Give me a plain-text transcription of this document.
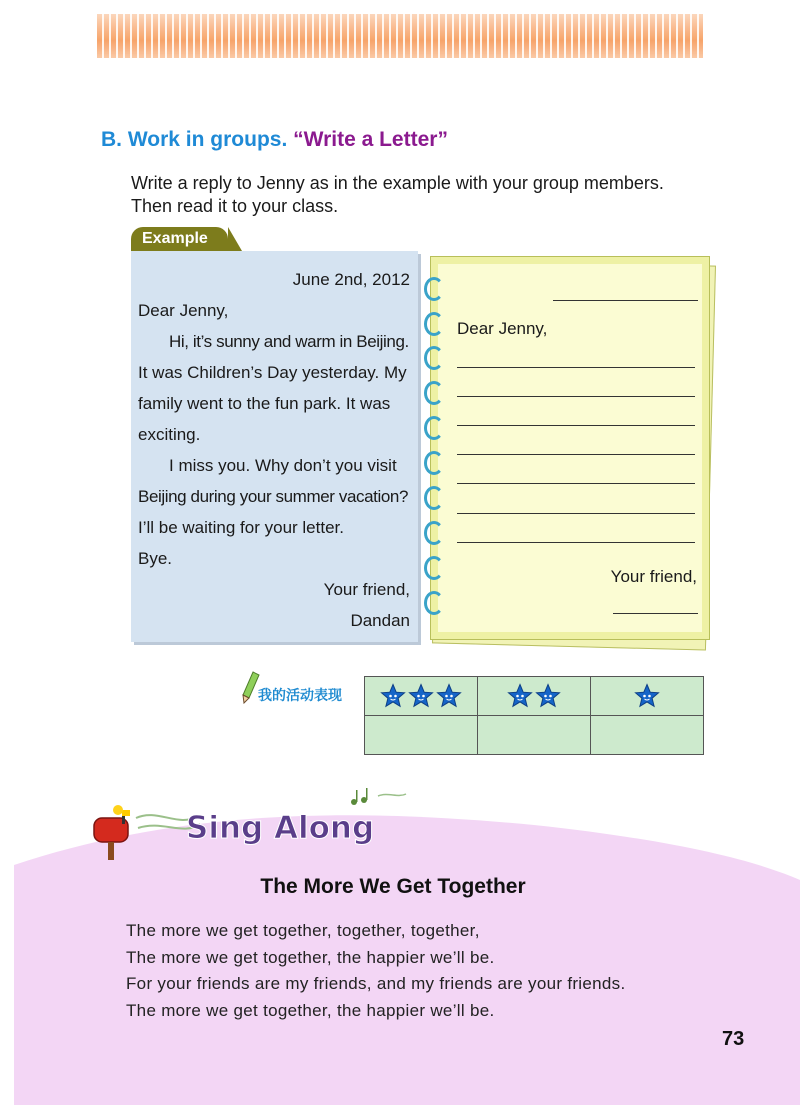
B. Work in groups. “Write a Letter”
Write a reply to Jenny as in the example with your group members.
Then read it to your class.
Example
June 2nd, 2012
Dear Jenny,
Hi, it’s sunny and warm in Beijing.
It was Children’s Day yesterday. My
family went to the fun park. It was
exciting.
I miss you. Why don’t you visit
Beijing during your summer vacation?
I’ll be waiting for your letter.
Bye.
Your friend,
Dandan
Dear Jenny,
Your friend,
我的活动表现

Sing Along
The More We Get Together
The more we get together, together, together,
The more we get together, the happier we’ll be.
For your friends are my friends, and my friends are your friends.
The more we get together, the happier we’ll be.
73
